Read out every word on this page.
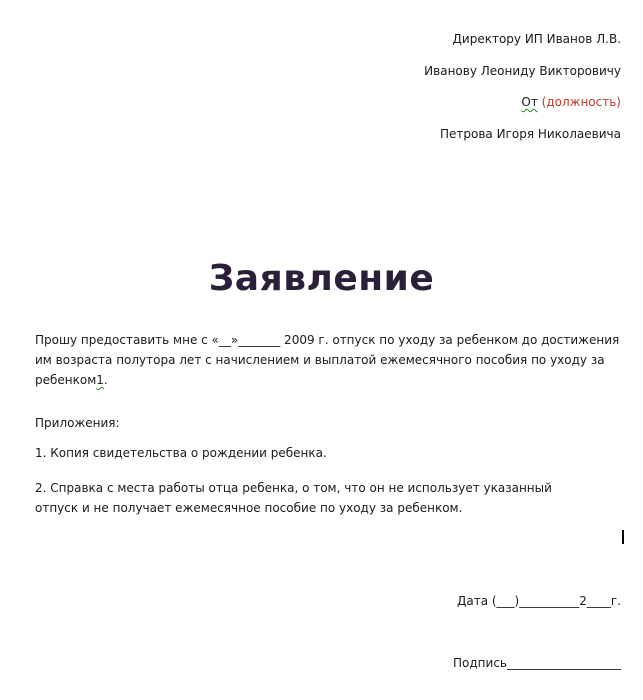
Директору ИП Иванов Л.В.
Иванову Леониду Викторовичу
От (должность)
Петрова Игоря Николаевича
Заявление
Прошу предоставить мне с «__»_______ 2009 г. отпуск по уходу за ребенком до достижения им возраста полутора лет с начислением и выплатой ежемесячного пособия по уходу за ребенком1.
Приложения:
1. Копия свидетельства о рождении ребенка.
2. Справка с места работы отца ребенка, о том, что он не использует указанный отпуск и не получает ежемесячное пособие по уходу за ребенком.
Дата (___)__________2____г.
Подпись___________________
